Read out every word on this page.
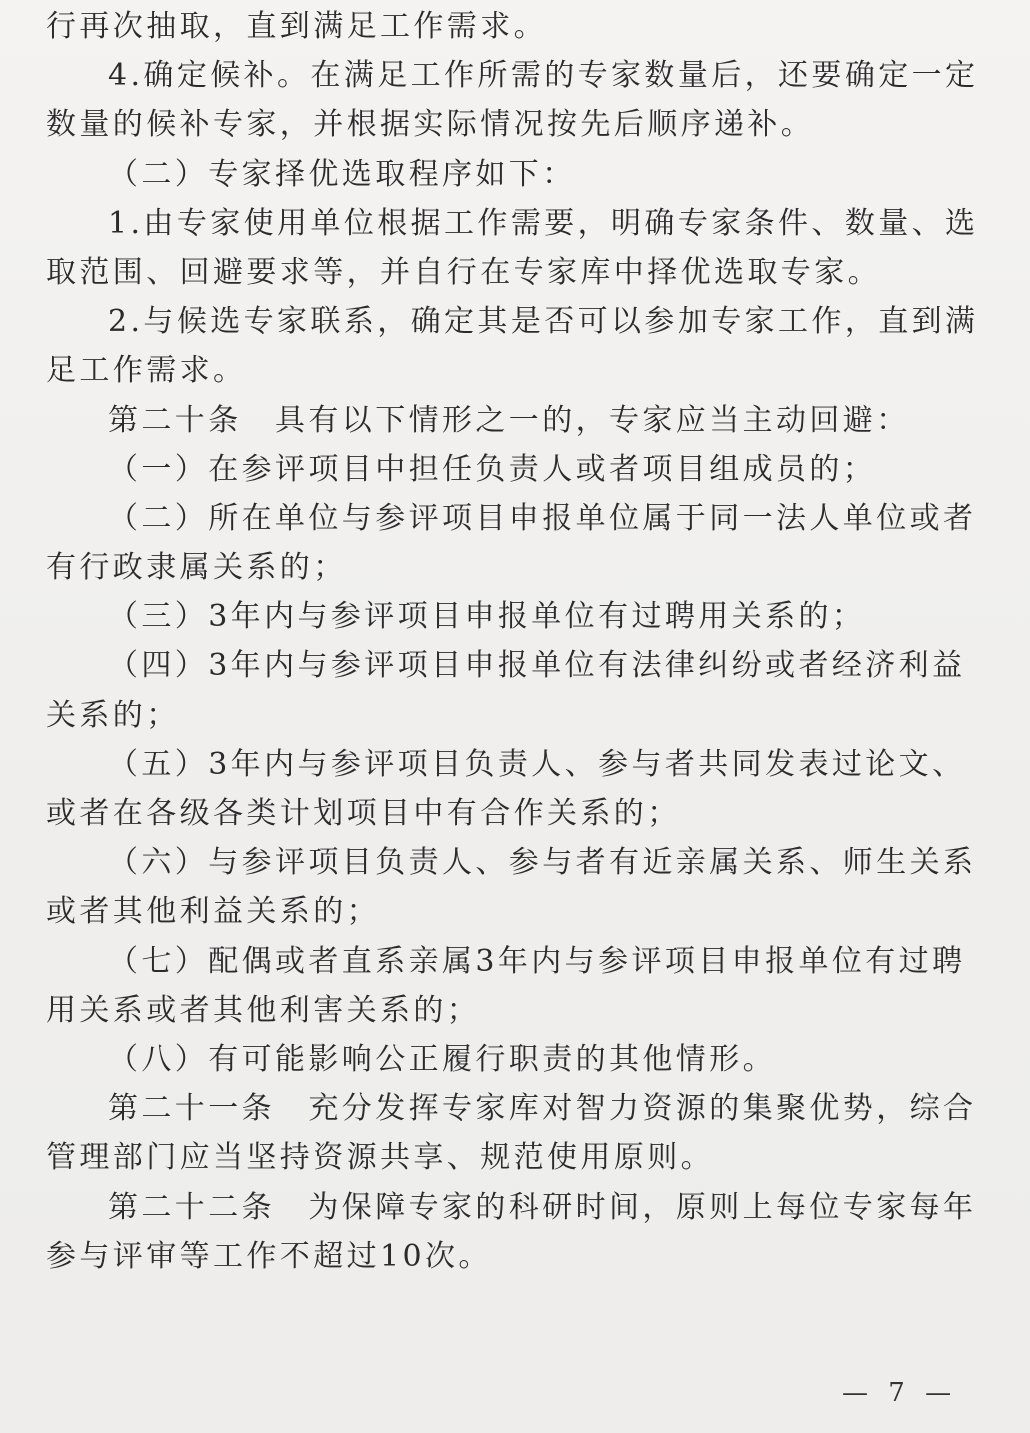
行再次抽取，直到满足工作需求。
4.确定候补。在满足工作所需的专家数量后，还要确定一定
数量的候补专家，并根据实际情况按先后顺序递补。
（二）专家择优选取程序如下：
1.由专家使用单位根据工作需要，明确专家条件、数量、选
取范围、回避要求等，并自行在专家库中择优选取专家。
2.与候选专家联系，确定其是否可以参加专家工作，直到满
足工作需求。
第二十条　具有以下情形之一的，专家应当主动回避：
（一）在参评项目中担任负责人或者项目组成员的；
（二）所在单位与参评项目申报单位属于同一法人单位或者
有行政隶属关系的；
（三）3年内与参评项目申报单位有过聘用关系的；
（四）3年内与参评项目申报单位有法律纠纷或者经济利益
关系的；
（五）3年内与参评项目负责人、参与者共同发表过论文、
或者在各级各类计划项目中有合作关系的；
（六）与参评项目负责人、参与者有近亲属关系、师生关系
或者其他利益关系的；
（七）配偶或者直系亲属3年内与参评项目申报单位有过聘
用关系或者其他利害关系的；
（八）有可能影响公正履行职责的其他情形。
第二十一条　充分发挥专家库对智力资源的集聚优势，综合
管理部门应当坚持资源共享、规范使用原则。
第二十二条　为保障专家的科研时间，原则上每位专家每年
参与评审等工作不超过10次。
— 7 —
